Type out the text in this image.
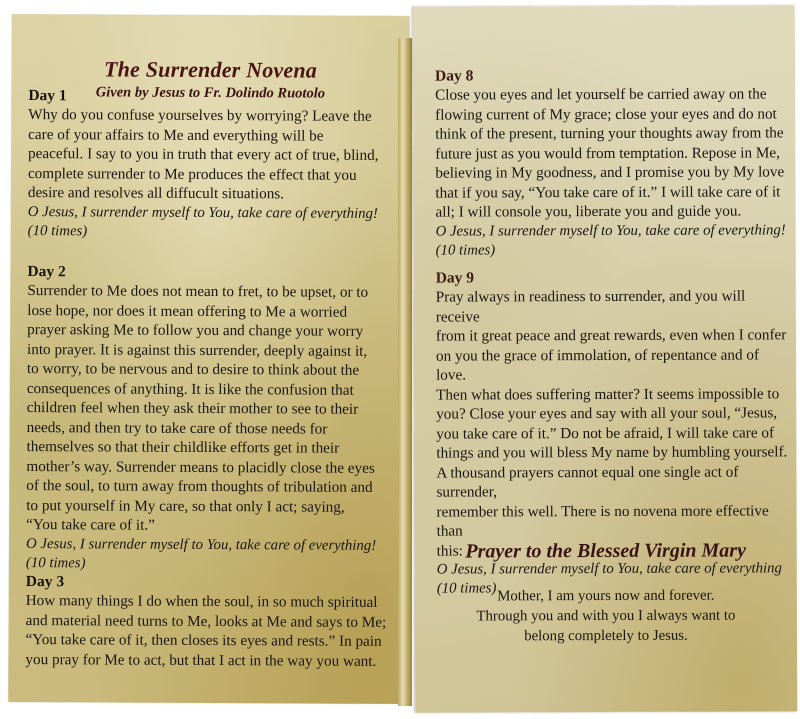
The Surrender Novena
Given by Jesus to Fr. Dolindo Ruotolo
Day 1

Why do you confuse yourselves by worrying? Leave the
care of your affairs to Me and everything will be
peaceful. I say to you in truth that every act of true, blind,
complete surrender to Me produces the effect that you
desire and resolves all diffucult situations.

O Jesus, I surrender myself to You, take care of everything!

(10 times)

Day 2

Surrender to Me does not mean to fret, to be upset, or to
lose hope, nor does it mean offering to Me a worried
prayer asking Me to follow you and change your worry
into prayer. It is against this surrender, deeply against it,
to worry, to be nervous and to desire to think about the
consequences of anything. It is like the confusion that
children feel when they ask their mother to see to their
needs, and then try to take care of those needs for
themselves so that their childlike efforts get in their
mother’s way. Surrender means to placidly close the eyes
of the soul, to turn away from thoughts of tribulation and
to put yourself in My care, so that only I act; saying,
“You take care of it.”

O Jesus, I surrender myself to You, take care of everything!

(10 times)

Day 3

How many things I do when the soul, in so much spiritual
and material need turns to Me, looks at Me and says to Me;
“You take care of it, then closes its eyes and rests.” In pain
you pray for Me to act, but that I act in the way you want.

Day 8

Close you eyes and let yourself be carried away on the
flowing current of My grace; close your eyes and do not
think of the present, turning your thoughts away from the
future just as you would from temptation. Repose in Me,
believing in My goodness, and I promise you by My love
that if you say, “You take care of it.” I will take care of it
all; I will console you, liberate you and guide you.

O Jesus, I surrender myself to You, take care of everything!

(10 times)

Day 9

Pray always in readiness to surrender, and you will receive
from it great peace and great rewards, even when I confer
on you the grace of immolation, of repentance and of love.
Then what does suffering matter? It seems impossible to
you? Close your eyes and say with all your soul, “Jesus,
you take care of it.” Do not be afraid, I will take care of
things and you will bless My name by humbling yourself.
A thousand prayers cannot equal one single act of surrender,
remember this well. There is no novena more effective than
this:

O Jesus, I surrender myself to You, take care of everything

(10 times)

Prayer to the Blessed Virgin Mary
Mother, I am yours now and forever.
Through you and with you I always want to
belong completely to Jesus.
